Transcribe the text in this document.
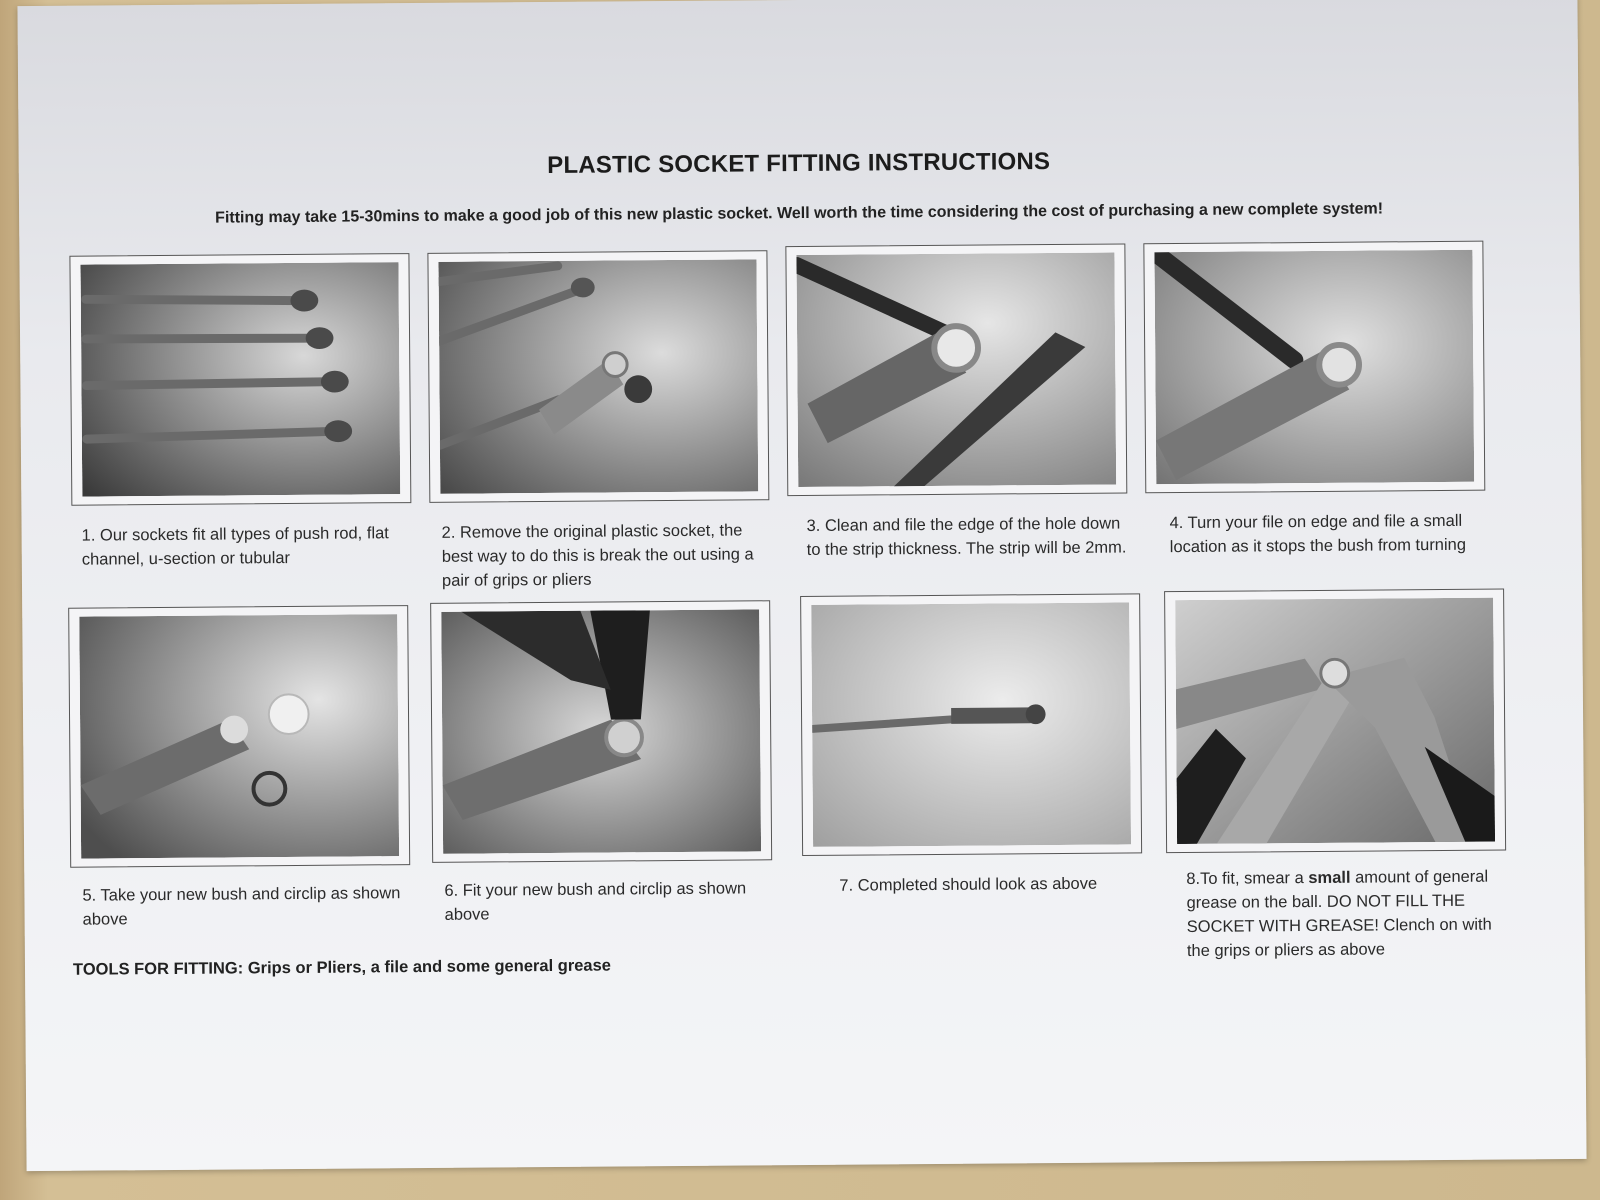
PLASTIC SOCKET FITTING INSTRUCTIONS
Fitting may take 15-30mins to make a good job of this new plastic socket. Well worth the time considering the cost of purchasing a new complete system!
1. Our sockets fit all types of push rod, flat channel, u-section or tubular
2. Remove the original plastic socket, the best way to do this is break the out using a pair of grips or pliers
3. Clean and file the edge of the hole down to the strip thickness. The strip will be 2mm.
4. Turn your file on edge and file a small location as it stops the bush from turning
5. Take your new bush and circlip as shown above
6. Fit your new bush and circlip as shown above
7. Completed should look as above	8.To fit, smear a small amount of general grease on the ball. DO NOT FILL THE SOCKET WITH GREASE! Clench on with the grips or pliers as above
TOOLS FOR FITTING: Grips or Pliers, a file and some general grease
